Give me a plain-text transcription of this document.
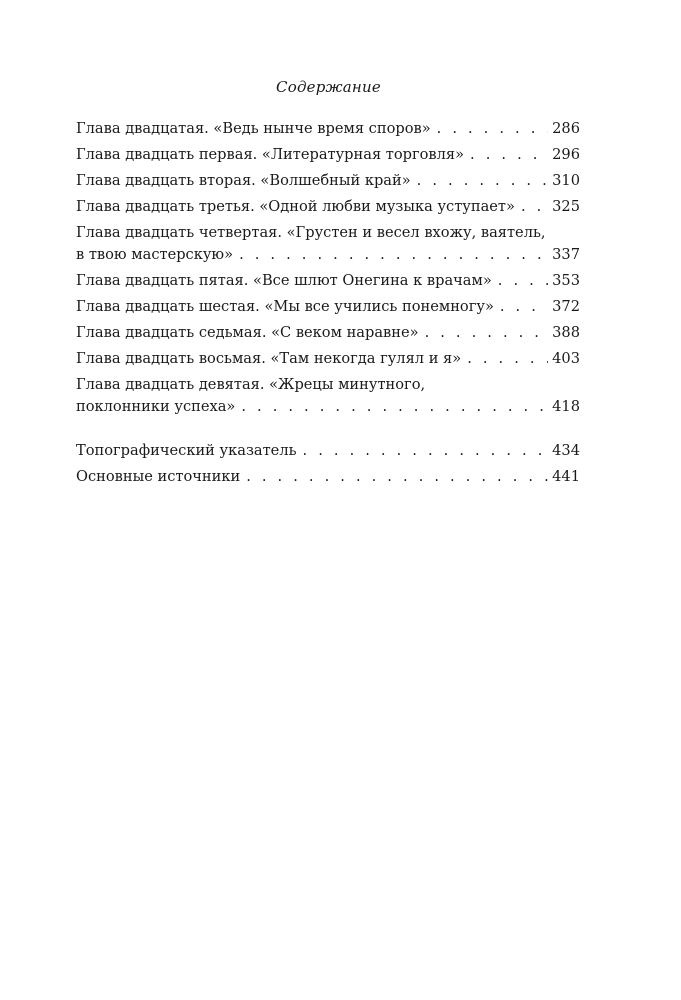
Содержание
Глава двадцатая. «Ведь нынче время споров» . . .	286
Глава двадцать первая. «Литературная торговля» . . .	296
Глава двадцать вторая. «Волшебный край» . . .	310
Глава двадцать третья. «Одной любви музыка уступает» . . .	325
Глава двадцать четвертая. «Грустен и весел вхожу, ваятель,
в твою мастерскую» . . .	337
Глава двадцать пятая. «Все шлют Онегина к врачам» . . .	353
Глава двадцать шестая. «Мы все учились понемногу» . . .	372
Глава двадцать седьмая. «С веком наравне» . . .	388
Глава двадцать восьмая. «Там некогда гулял и я» . . .	403
Глава двадцать девятая. «Жрецы минутного,
поклонники успеха» . . .	418
Топографический указатель . . .	434
Основные источники . . .	441
